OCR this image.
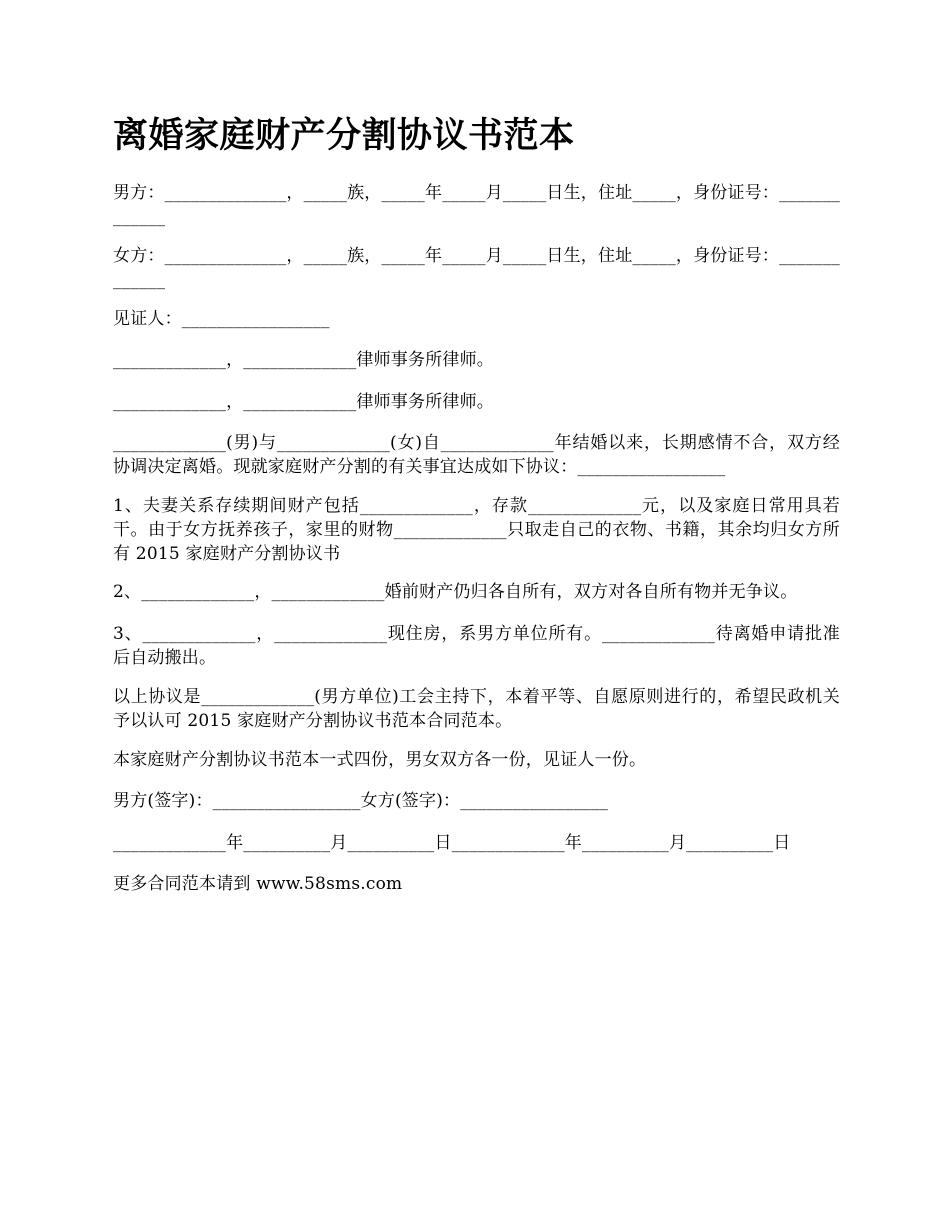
离婚家庭财产分割协议书范本

男方：______________，_____族，_____年_____月_____日生，住址_____，身份证号：_____________

女方：______________，_____族，_____年_____月_____日生，住址_____，身份证号：_____________

见证人：_________________

_____________，_____________律师事务所律师。

_____________，_____________律师事务所律师。

_____________(男)与_____________(女)自_____________年结婚以来，长期感情不合，双方经协调决定离婚。现就家庭财产分割的有关事宜达成如下协议：_________________

1、夫妻关系存续期间财产包括_____________，存款_____________元，以及家庭日常用具若干。由于女方抚养孩子，家里的财物_____________只取走自己的衣物、书籍，其余均归女方所有 2015 家庭财产分割协议书

2、_____________，_____________婚前财产仍归各自所有，双方对各自所有物并无争议。

3、_____________，_____________现住房，系男方单位所有。_____________待离婚申请批准后自动搬出。

以上协议是_____________(男方单位)工会主持下，本着平等、自愿原则进行的，希望民政机关予以认可 2015 家庭财产分割协议书范本合同范本。

本家庭财产分割协议书范本一式四份，男女双方各一份，见证人一份。

男方(签字)：_________________女方(签字)：_________________

_____________年__________月__________日_____________年__________月__________日

更多合同范本请到 www.58sms.com
